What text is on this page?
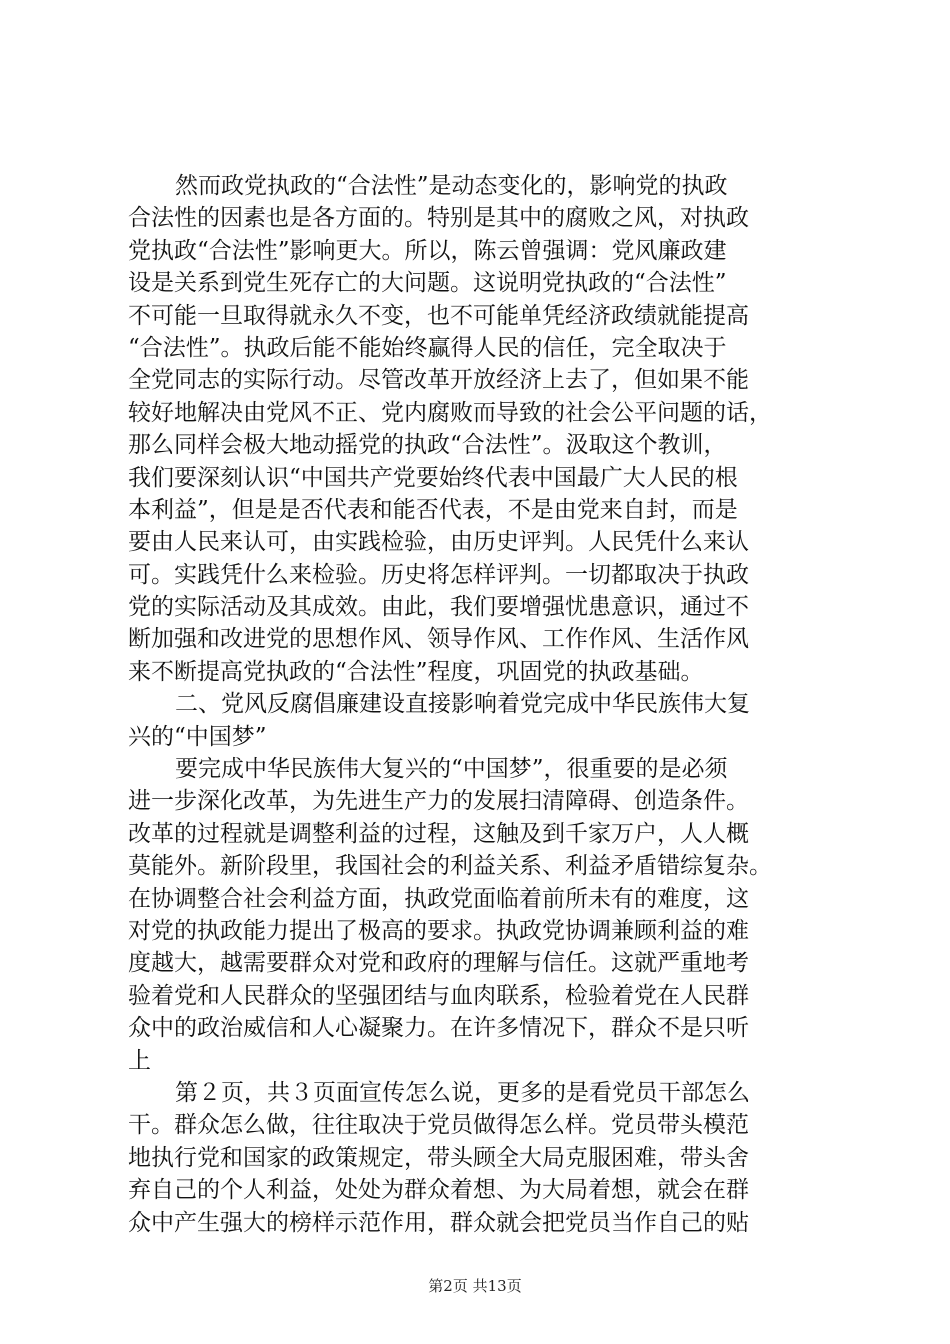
然而政党执政的“合法性”是动态变化的，影响党的执政
合法性的因素也是各方面的。特别是其中的腐败之风，对执政
党执政“合法性”影响更大。所以，陈云曾强调：党风廉政建
设是关系到党生死存亡的大问题。这说明党执政的“合法性”
不可能一旦取得就永久不变，也不可能单凭经济政绩就能提高
“合法性”。执政后能不能始终赢得人民的信任，完全取决于
全党同志的实际行动。尽管改革开放经济上去了，但如果不能
较好地解决由党风不正、党内腐败而导致的社会公平问题的话，
那么同样会极大地动摇党的执政“合法性”。汲取这个教训，
我们要深刻认识“中国共产党要始终代表中国最广大人民的根
本利益”，但是是否代表和能否代表，不是由党来自封，而是
要由人民来认可，由实践检验，由历史评判。人民凭什么来认
可。实践凭什么来检验。历史将怎样评判。一切都取决于执政
党的实际活动及其成效。由此，我们要增强忧患意识，通过不
断加强和改进党的思想作风、领导作风、工作作风、生活作风
来不断提高党执政的“合法性”程度，巩固党的执政基础。
二、党风反腐倡廉建设直接影响着党完成中华民族伟大复
兴的“中国梦”
要完成中华民族伟大复兴的“中国梦”，很重要的是必须
进一步深化改革，为先进生产力的发展扫清障碍、创造条件。
改革的过程就是调整利益的过程，这触及到千家万户，人人概
莫能外。新阶段里，我国社会的利益关系、利益矛盾错综复杂。
在协调整合社会利益方面，执政党面临着前所未有的难度，这
对党的执政能力提出了极高的要求。执政党协调兼顾利益的难
度越大，越需要群众对党和政府的理解与信任。这就严重地考
验着党和人民群众的坚强团结与血肉联系，检验着党在人民群
众中的政治威信和人心凝聚力。在许多情况下，群众不是只听
上
第２页，共３页面宣传怎么说，更多的是看党员干部怎么
干。群众怎么做，往往取决于党员做得怎么样。党员带头模范
地执行党和国家的政策规定，带头顾全大局克服困难，带头舍
弃自己的个人利益，处处为群众着想、为大局着想，就会在群
众中产生强大的榜样示范作用，群众就会把党员当作自己的贴
第2页 共13页
